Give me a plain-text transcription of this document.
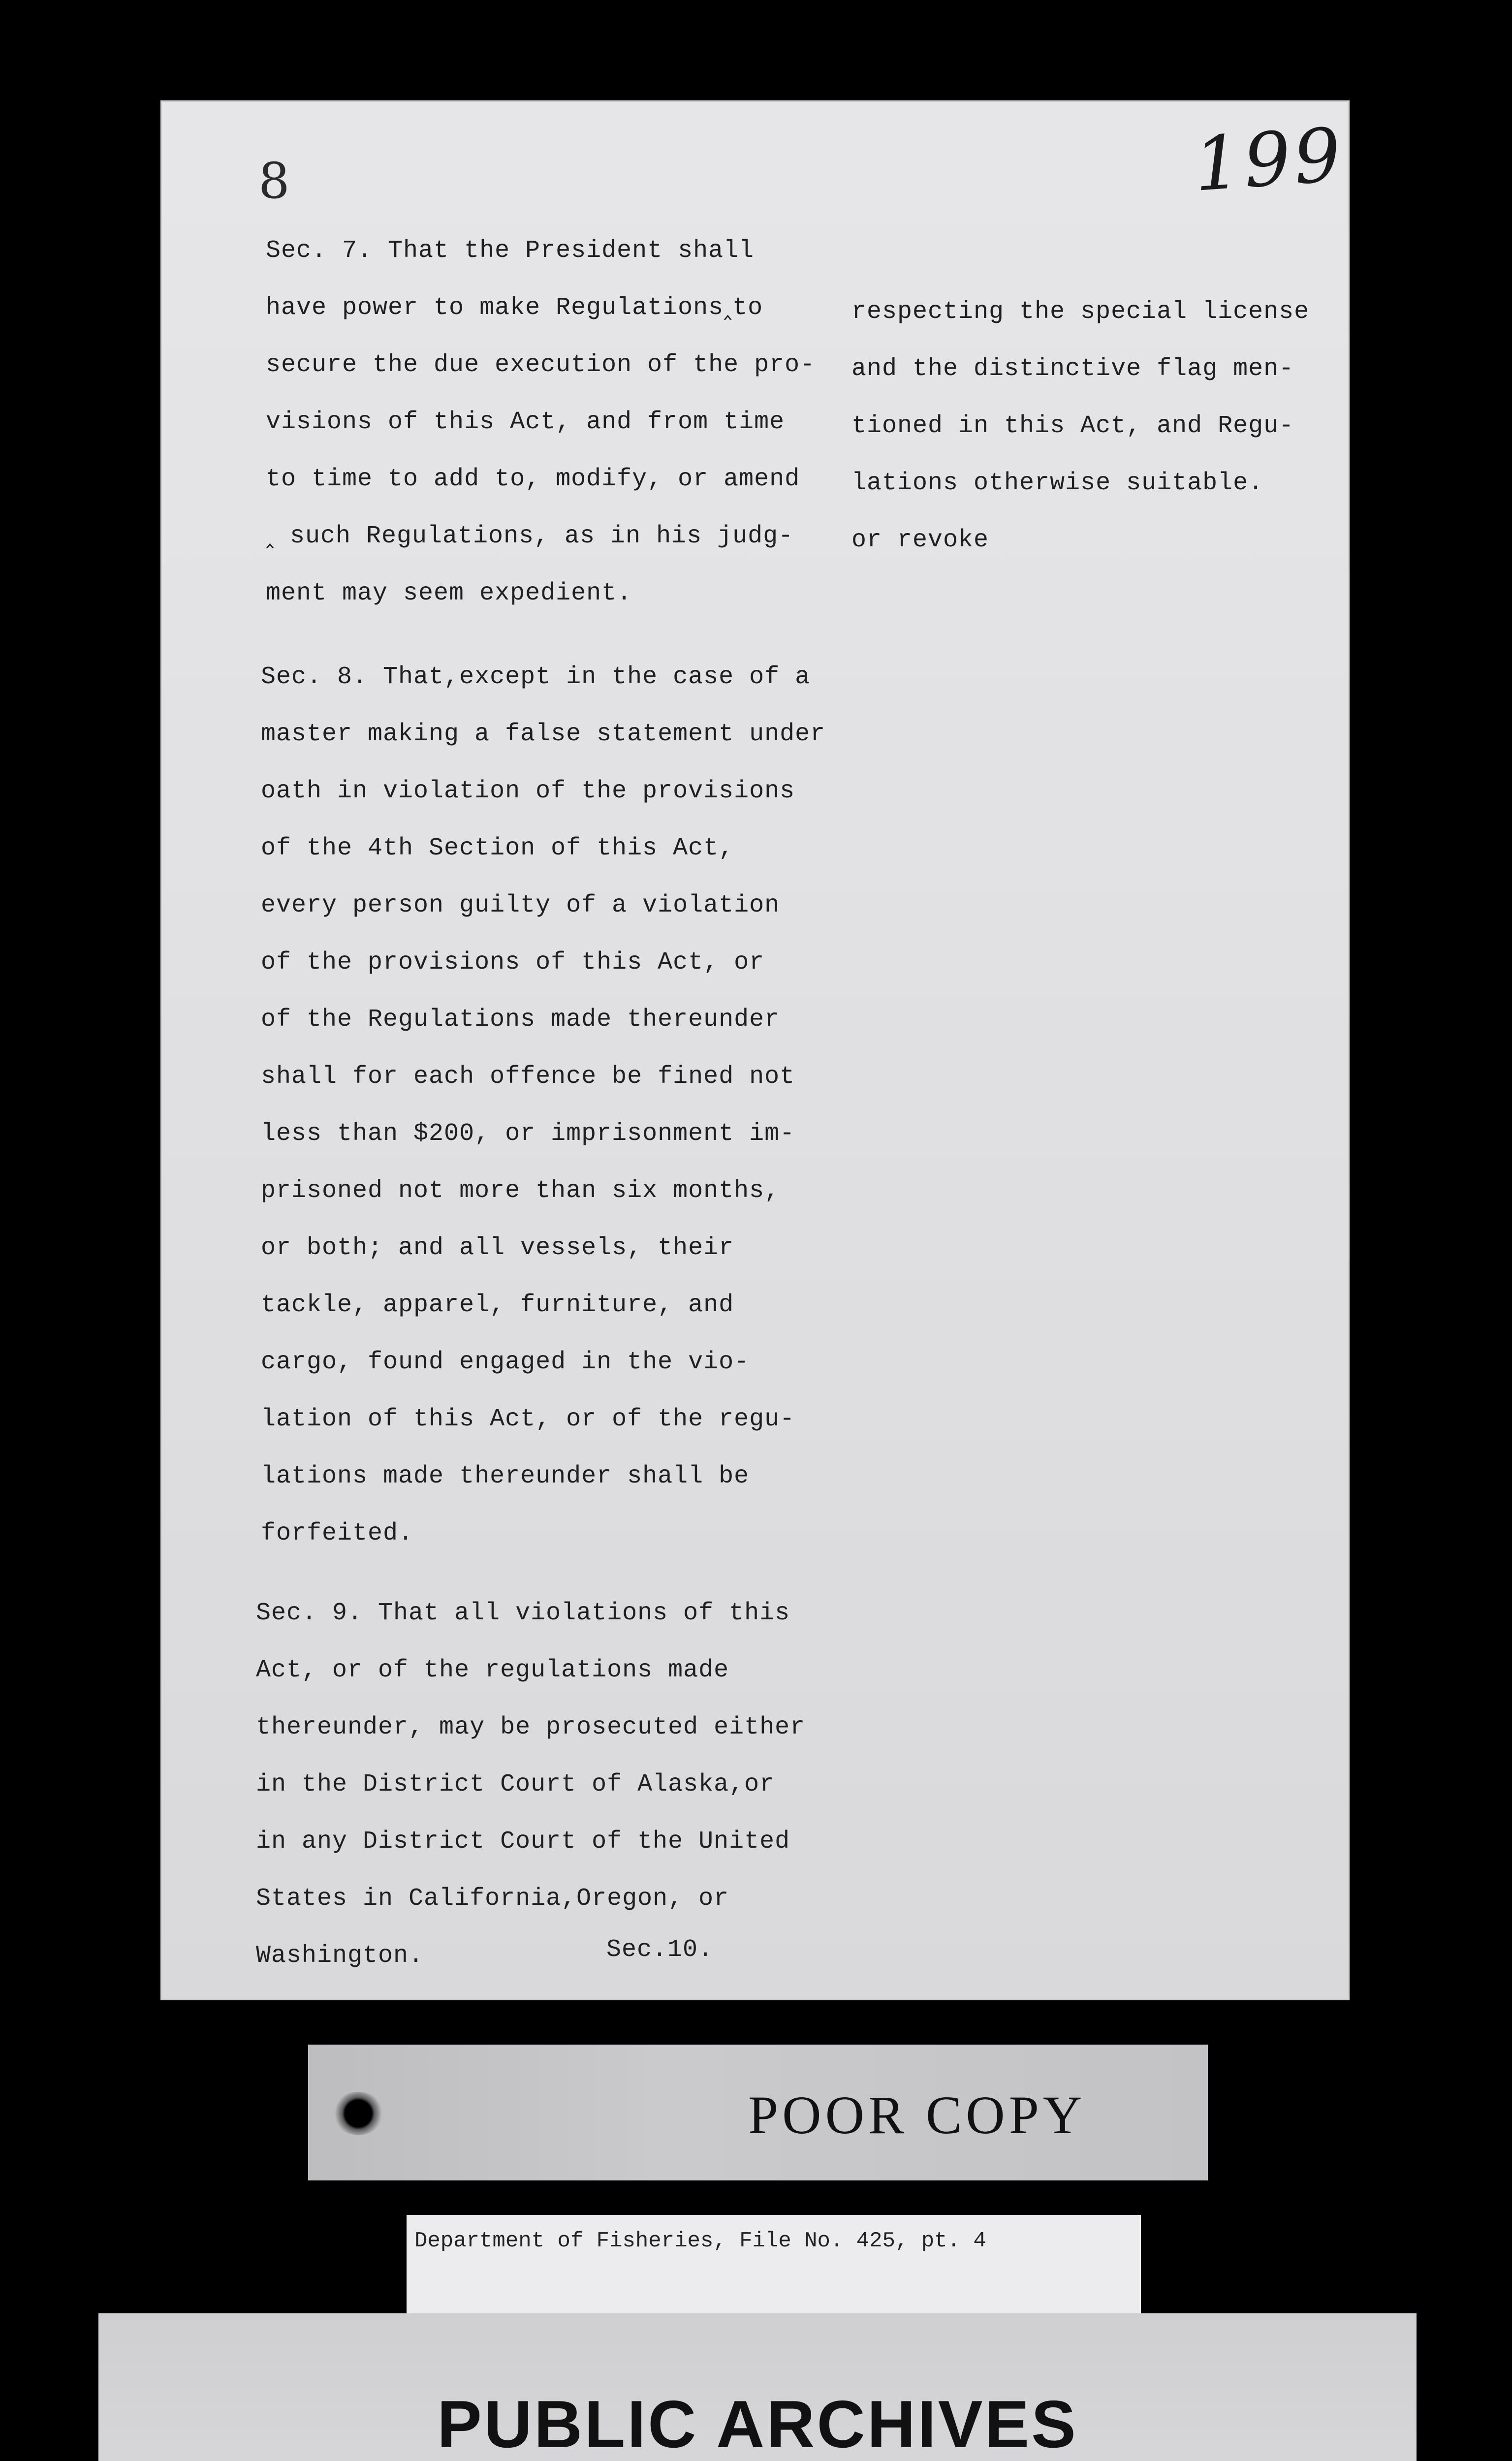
199
8
Sec. 7. That the President shall
have power to make Regulations‸to
secure the due execution of the pro-
visions of this Act, and from time
to time to add to, modify, or amend
‸ such Regulations, as in his judg-
ment may seem expedient.
respecting the special license
and the distinctive flag men-
tioned in this Act, and Regu-
lations otherwise suitable.
or revoke
Sec. 8. That,except in the case of a
master making a false statement under
oath in violation of the provisions
of the 4th Section of this Act,
every person guilty of a violation
of the provisions of this Act, or
of the Regulations made thereunder
shall for each offence be fined not
less than $200, or imprisonment im-
prisoned not more than six months,
or both; and all vessels, their
tackle, apparel, furniture, and
cargo, found engaged in the vio-
lation of this Act, or of the regu-
lations made thereunder shall be
forfeited.
Sec. 9. That all violations of this
Act, or of the regulations made
thereunder, may be prosecuted either
in the District Court of Alaska,or
in any District Court of the United
States in California,Oregon, or
Washington.	Sec.10.
POOR COPY
Department of Fisheries, File No. 425, pt. 4
PUBLIC ARCHIVES
